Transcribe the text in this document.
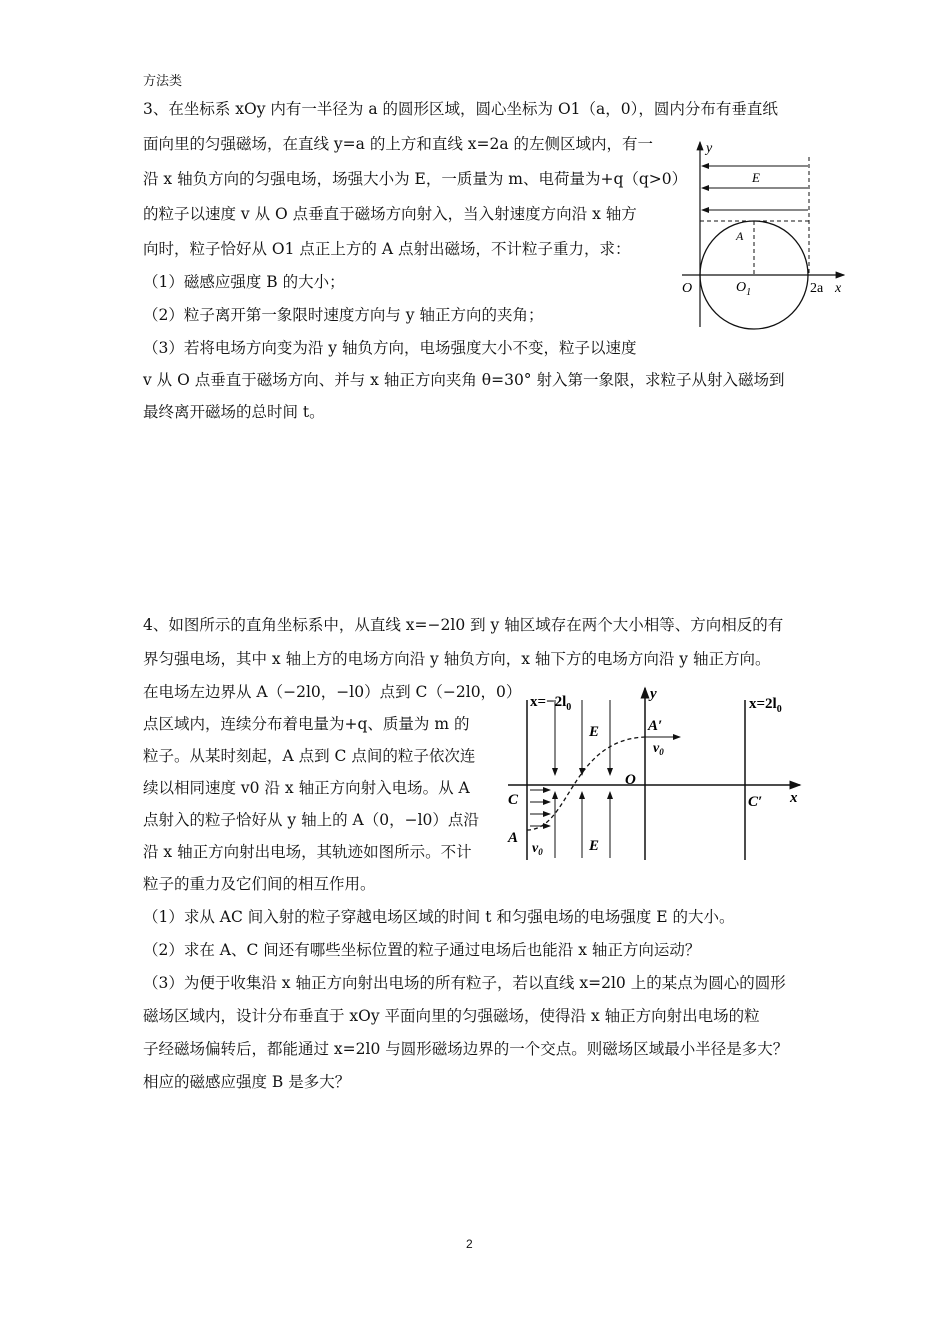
方法类
3、在坐标系 xOy 内有一半径为 a 的圆形区域，圆心坐标为 O1（a，0），圆内分布有垂直纸
面向里的匀强磁场，在直线 y=a 的上方和直线 x=2a 的左侧区域内，有一
沿 x 轴负方向的匀强电场，场强大小为 E，一质量为 m、电荷量为+q（q>0）
的粒子以速度 v 从 O 点垂直于磁场方向射入，当入射速度方向沿 x 轴方
向时，粒子恰好从 O1 点正上方的 A 点射出磁场，不计粒子重力，求：
（1）磁感应强度 B 的大小；
（2）粒子离开第一象限时速度方向与 y 轴正方向的夹角；
（3）若将电场方向变为沿 y 轴负方向，电场强度大小不变，粒子以速度
v 从 O 点垂直于磁场方向、并与 x 轴正方向夹角 θ=30° 射入第一象限，求粒子从射入磁场到
最终离开磁场的总时间 t。
y
x
E
A
O	$O_1$	2a
4、如图所示的直角坐标系中，从直线 x=−2l0 到 y 轴区域存在两个大小相等、方向相反的有
界匀强电场，其中 x 轴上方的电场方向沿 y 轴负方向，x 轴下方的电场方向沿 y 轴正方向。
在电场左边界从 A（−2l0，−l0）点到 C（−2l0，0）
点区域内，连续分布着电量为+q、质量为 m 的
粒子。从某时刻起，A 点到 C 点间的粒子依次连
续以相同速度 v0 沿 x 轴正方向射入电场。从 A
点射入的粒子恰好从 y 轴上的 A（0，−l0）点沿
沿 x 轴正方向射出电场，其轨迹如图所示。不计
粒子的重力及它们间的相互作用。
（1）求从 AC 间入射的粒子穿越电场区域的时间 t 和匀强电场的电场强度 E 的大小。
（2）求在 A、C 间还有哪些坐标位置的粒子通过电场后也能沿 x 轴正方向运动？
（3）为便于收集沿 x 轴正方向射出电场的所有粒子，若以直线 x=2l0 上的某点为圆心的圆形
磁场区域内，设计分布垂直于 xOy 平面向里的匀强磁场，使得沿 x 轴正方向射出电场的粒
子经磁场偏转后，都能通过 x=2l0 与圆形磁场边界的一个交点。则磁场区域最小半径是多大？
相应的磁感应强度 B 是多大？
$x=-2l_0$	$x=2l_0$
y
x
E
E
A′
$v_0$
O
C	C′
A
$v_0$
2
